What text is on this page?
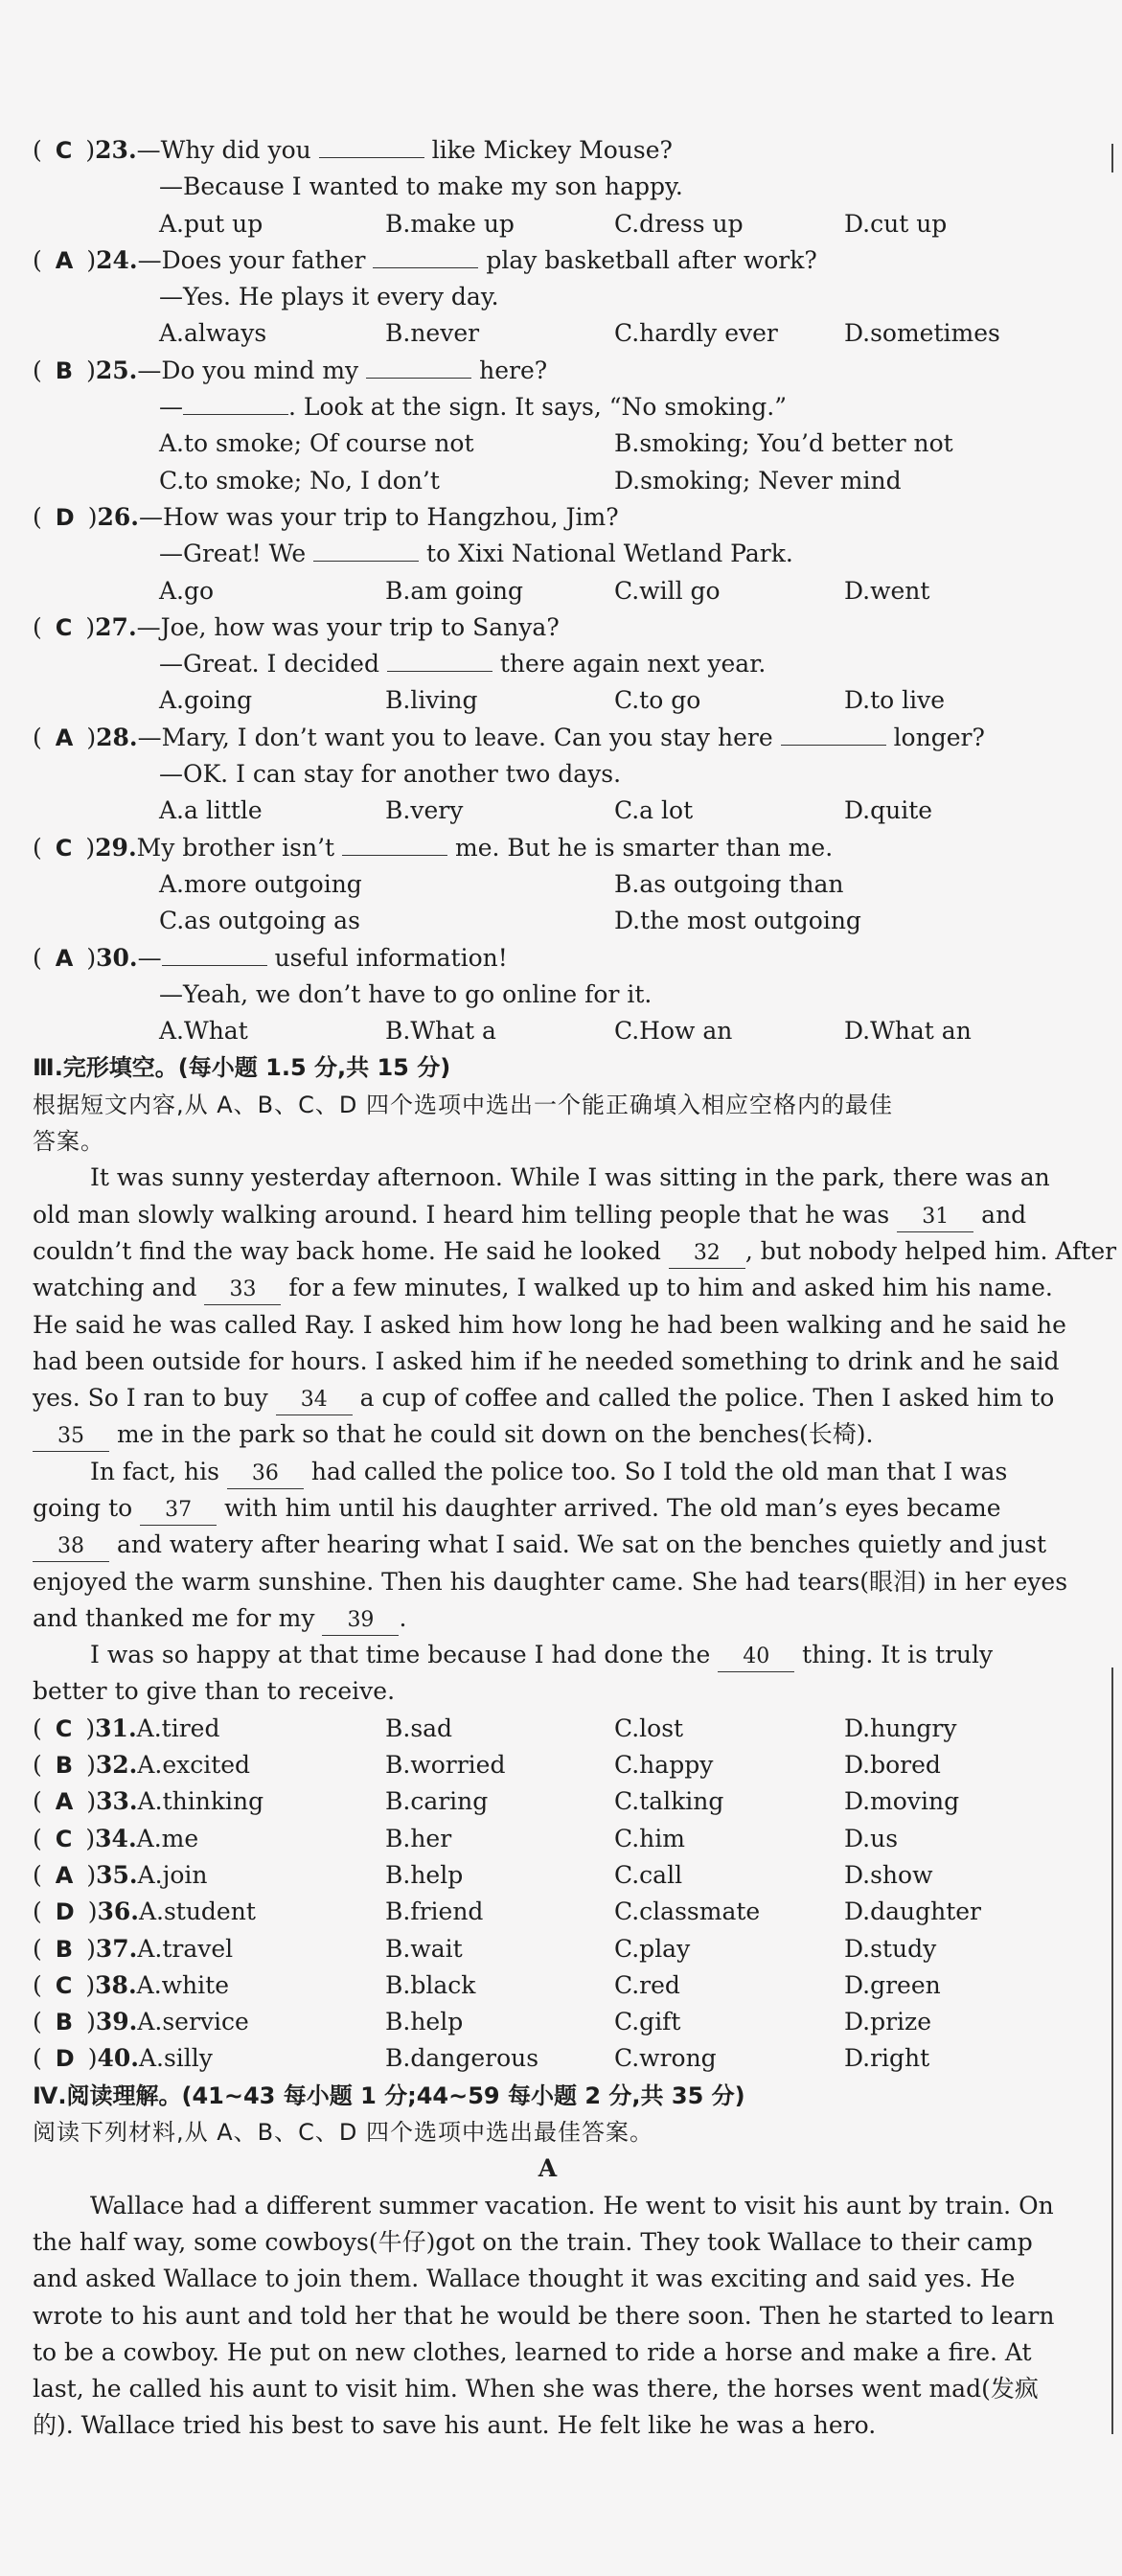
( C )23.—Why did you	like Mickey Mouse?
—Because I wanted to make my son happy.
A.put up	B.make up	C.dress up	D.cut up
( A )24.—Does your father	play basketball after work?
—Yes. He plays it every day.
A.always	B.never	C.hardly ever	D.sometimes
( B )25.—Do you mind my	here?
—	. Look at the sign. It says, “No smoking.”
A.to smoke; Of course not	B.smoking; You’d better not
C.to smoke; No, I don’t	D.smoking; Never mind
( D )26.—How was your trip to Hangzhou, Jim?
—Great! We	to Xixi National Wetland Park.
A.go	B.am going	C.will go	D.went
( C )27.—Joe, how was your trip to Sanya?
—Great. I decided	there again next year.
A.going	B.living	C.to go	D.to live
( A )28.—Mary, I don’t want you to leave. Can you stay here	longer?
—OK. I can stay for another two days.
A.a little	B.very	C.a lot	D.quite
( C )29.My brother isn’t	me. But he is smarter than me.
A.more outgoing	B.as outgoing than
C.as outgoing as	D.the most outgoing
( A )30.—	useful information!
—Yeah, we don’t have to go online for it.
A.What	B.What a	C.How an	D.What an
Ⅲ.完形填空。(每小题 1.5 分,共 15 分)
根据短文内容,从 A、B、C、D 四个选项中选出一个能正确填入相应空格内的最佳
答案。
It was sunny yesterday afternoon. While I was sitting in the park, there was an
old man slowly walking around. I heard him telling people that he was 31 and
couldn’t find the way back home. He said he looked 32 , but nobody helped him. After
watching and 33 for a few minutes, I walked up to him and asked him his name.
He said he was called Ray. I asked him how long he had been walking and he said he
had been outside for hours. I asked him if he needed something to drink and he said
yes. So I ran to buy 34 a cup of coffee and called the police. Then I asked him to
35 me in the park so that he could sit down on the benches(长椅).
In fact, his 36 had called the police too. So I told the old man that I was
going to 37 with him until his daughter arrived. The old man’s eyes became
38 and watery after hearing what I said. We sat on the benches quietly and just
enjoyed the warm sunshine. Then his daughter came. She had tears(眼泪) in her eyes
and thanked me for my 39 .
I was so happy at that time because I had done the 40 thing. It is truly
better to give than to receive.
( C )31.A.tired	B.sad	C.lost	D.hungry
( B )32.A.excited	B.worried	C.happy	D.bored
( A )33.A.thinking	B.caring	C.talking	D.moving
( C )34.A.me	B.her	C.him	D.us
( A )35.A.join	B.help	C.call	D.show
( D )36.A.student	B.friend	C.classmate	D.daughter
( B )37.A.travel	B.wait	C.play	D.study
( C )38.A.white	B.black	C.red	D.green
( B )39.A.service	B.help	C.gift	D.prize
( D )40.A.silly	B.dangerous	C.wrong	D.right
Ⅳ.阅读理解。(41~43 每小题 1 分;44~59 每小题 2 分,共 35 分)
阅读下列材料,从 A、B、C、D 四个选项中选出最佳答案。
A
Wallace had a different summer vacation. He went to visit his aunt by train. On
the half way, some cowboys(牛仔)got on the train. They took Wallace to their camp
and asked Wallace to join them. Wallace thought it was exciting and said yes. He
wrote to his aunt and told her that he would be there soon. Then he started to learn
to be a cowboy. He put on new clothes, learned to ride a horse and make a fire. At
last, he called his aunt to visit him. When she was there, the horses went mad(发疯
的). Wallace tried his best to save his aunt. He felt like he was a hero.
